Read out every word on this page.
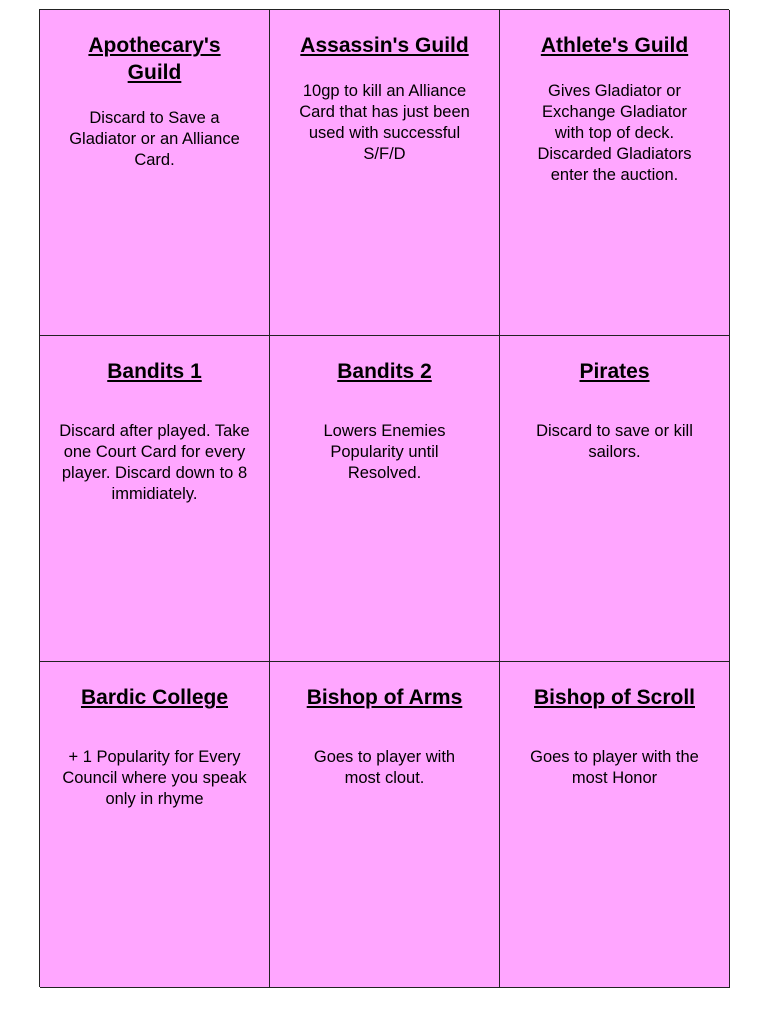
Apothecary's Guild
Discard to Save a Gladiator or an Alliance Card.
Assassin's Guild
10gp to kill an Alliance Card that has just been used with successful S/F/D
Athlete's Guild
Gives Gladiator or Exchange Gladiator with top of deck. Discarded Gladiators enter the auction.
Bandits 1
Discard after played. Take one Court Card for every player. Discard down to 8 immidiately.
Bandits 2
Lowers Enemies Popularity until Resolved.
Pirates
Discard to save or kill sailors.
Bardic College
+ 1 Popularity for Every Council where you speak only in rhyme
Bishop of Arms
Goes to player with most clout.
Bishop of Scroll
Goes to player with the most Honor
